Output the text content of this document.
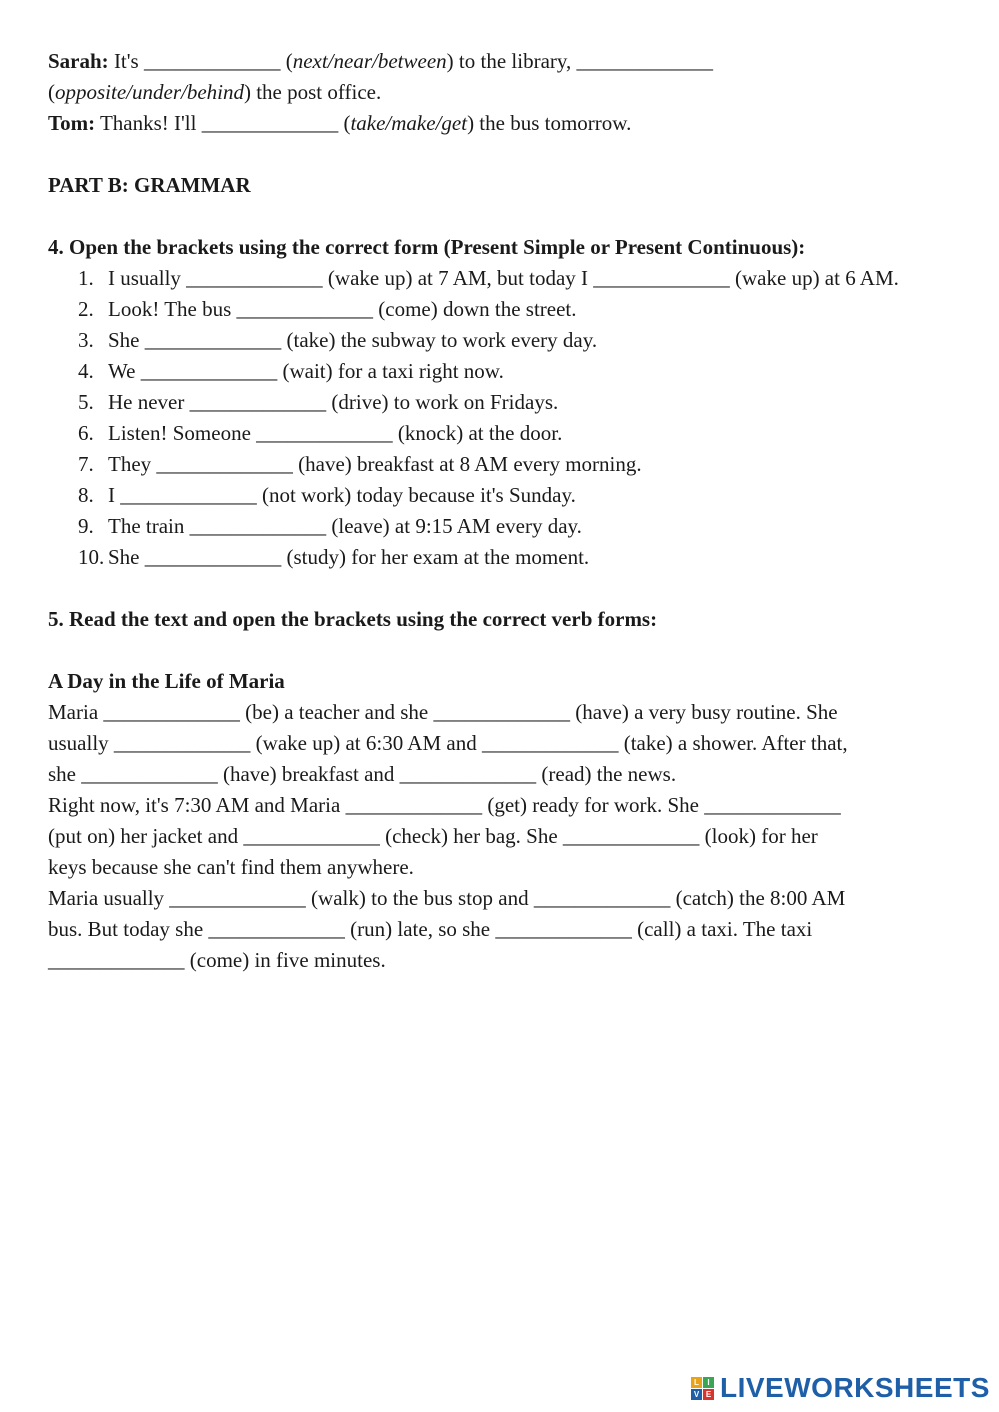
Sarah: It's _____________ (next/near/between) to the library, _____________
(opposite/under/behind) the post office.
Tom: Thanks! I'll _____________ (take/make/get) the bus tomorrow.
PART B: GRAMMAR
4. Open the brackets using the correct form (Present Simple or Present Continuous):
1. I usually _____________ (wake up) at 7 AM, but today I _____________ (wake up) at 6 AM.
2. Look! The bus _____________ (come) down the street.
3. She _____________ (take) the subway to work every day.
4. We _____________ (wait) for a taxi right now.
5. He never _____________ (drive) to work on Fridays.
6. Listen! Someone _____________ (knock) at the door.
7. They _____________ (have) breakfast at 8 AM every morning.
8. I _____________ (not work) today because it's Sunday.
9. The train _____________ (leave) at 9:15 AM every day.
10. She _____________ (study) for her exam at the moment.
5. Read the text and open the brackets using the correct verb forms:
A Day in the Life of Maria
Maria _____________ (be) a teacher and she _____________ (have) a very busy routine. She
usually _____________ (wake up) at 6:30 AM and _____________ (take) a shower. After that,
she _____________ (have) breakfast and _____________ (read) the news.
Right now, it's 7:30 AM and Maria _____________ (get) ready for work. She _____________
(put on) her jacket and _____________ (check) her bag. She _____________ (look) for her
keys because she can't find them anywhere.
Maria usually _____________ (walk) to the bus stop and _____________ (catch) the 8:00 AM
bus. But today she _____________ (run) late, so she _____________ (call) a taxi. The taxi
_____________ (come) in five minutes.
L	I
V E LIVEWORKSHEETS
